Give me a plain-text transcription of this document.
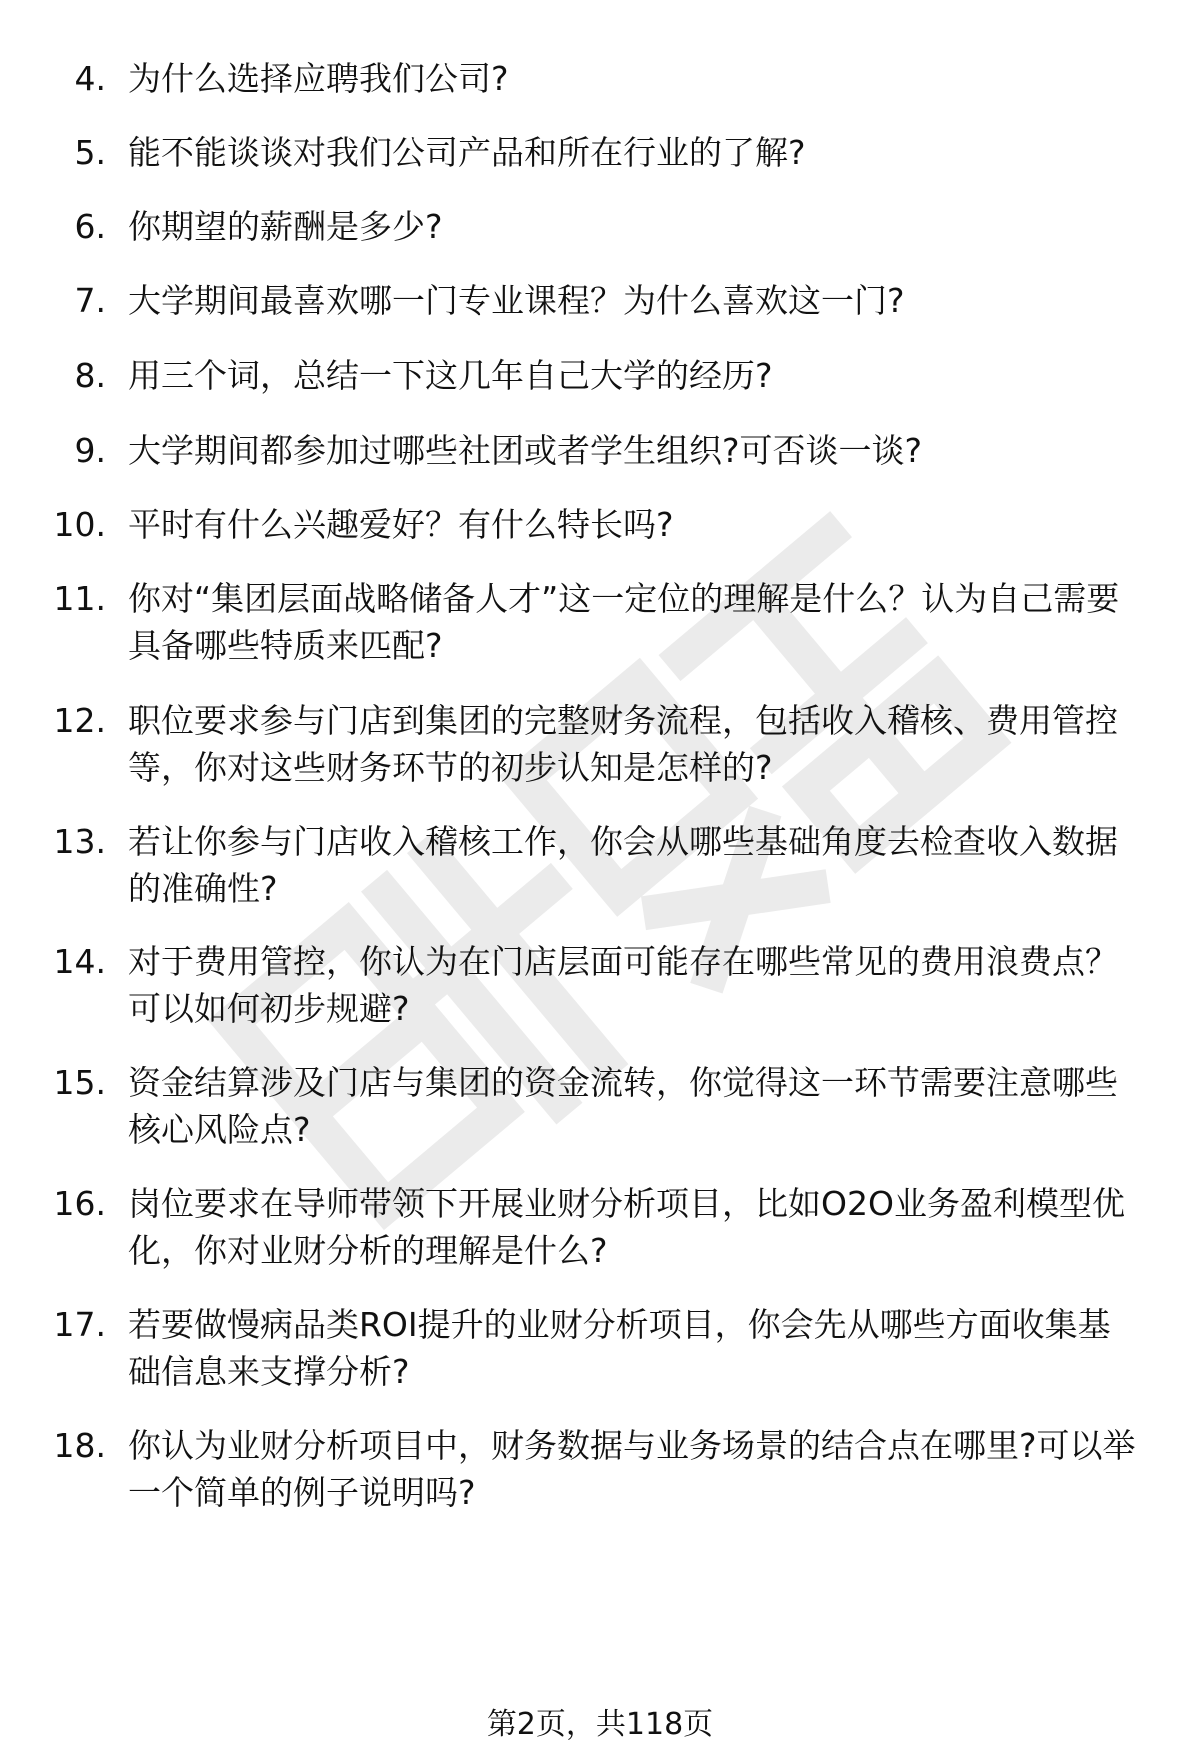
4. 为什么选择应聘我们公司?
5. 能不能谈谈对我们公司产品和所在行业的了解?
6. 你期望的薪酬是多少?
7. 大学期间最喜欢哪一门专业课程？为什么喜欢这一门?
8. 用三个词，总结一下这几年自己大学的经历?
9. 大学期间都参加过哪些社团或者学生组织?可否谈一谈?
10. 平时有什么兴趣爱好？有什么特长吗?
11. 你对“集团层面战略储备人才”这一定位的理解是什么？认为自己需要具备哪些特质来匹配?
12. 职位要求参与门店到集团的完整财务流程，包括收入稽核、费用管控等，你对这些财务环节的初步认知是怎样的?
13. 若让你参与门店收入稽核工作，你会从哪些基础角度去检查收入数据的准确性?
14. 对于费用管控，你认为在门店层面可能存在哪些常见的费用浪费点？可以如何初步规避?
15. 资金结算涉及门店与集团的资金流转，你觉得这一环节需要注意哪些核心风险点?
16. 岗位要求在导师带领下开展业财分析项目，比如O2O业务盈利模型优化，你对业财分析的理解是什么?
17. 若要做慢病品类ROI提升的业财分析项目，你会先从哪些方面收集基础信息来支撑分析?
18. 你认为业财分析项目中，财务数据与业务场景的结合点在哪里?可以举一个简单的例子说明吗?
第2页，共118页
